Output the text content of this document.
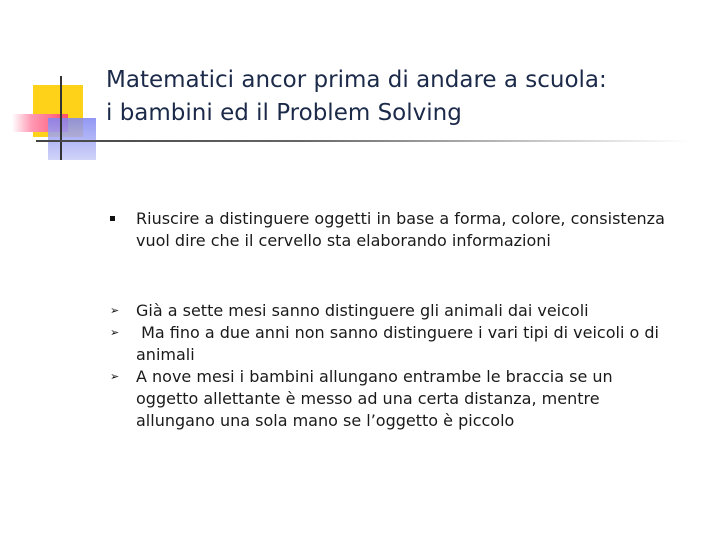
Matematici ancor prima di andare a scuola:
i bambini ed il Problem Solving
Riuscire a distinguere oggetti in base a forma, colore, consistenza vuol dire che il cervello sta elaborando informazioni
➢	Già a sette mesi sanno distinguere gli animali dai veicoli
➢	Ma fino a due anni non sanno distinguere i vari tipi di veicoli o di animali
➢	A nove mesi i bambini allungano entrambe le braccia se un oggetto allettante è messo ad una certa distanza, mentre allungano una sola mano se l’oggetto è piccolo
